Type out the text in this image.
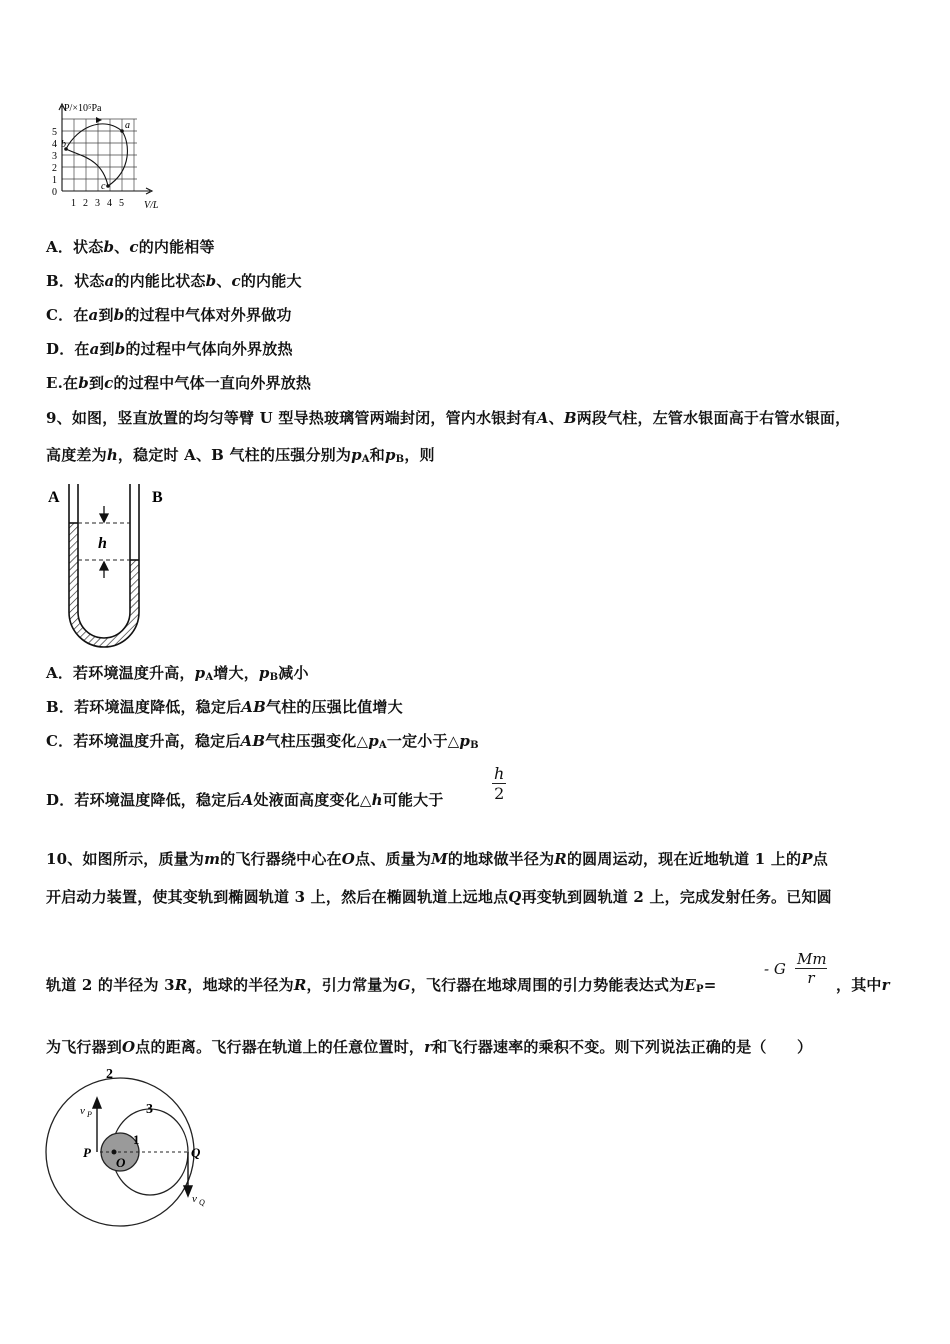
P/×10⁵Pa
V/L
0
1
2
3
4
5
1 2 3 4 5
a
b
c
A．状态b、c的内能相等
B．状态a的内能比状态b、c的内能大
C．在a到b的过程中气体对外界做功
D．在a到b的过程中气体向外界放热
E.在b到c的过程中气体一直向外界放热
9、如图，竖直放置的均匀等臂 U 型导热玻璃管两端封闭，管内水银封有A、B两段气柱，左管水银面高于右管水银面，
高度差为h，稳定时 A、B 气柱的压强分别为$p_A$和$p_B$，则
A	B
h
A．若环境温度升高，$p_A$增大，$p_B$减小
B．若环境温度降低，稳定后AB气柱的压强比值增大
C．若环境温度升高，稳定后AB气柱压强变化$\triangle p_A$一定小于$\triangle p_B$
D．若环境温度降低，稳定后A处液面高度变化△h可能大于	$\frac{h}{2}$
10、如图所示，质量为m的飞行器绕中心在O点、质量为M的地球做半径为R的圆周运动，现在近地轨道 1 上的P点
开启动力装置，使其变轨到椭圆轨道 3 上，然后在椭圆轨道上远地点Q再变轨到圆轨道 2 上，完成发射任务。已知圆
轨道 2 的半径为 3R，地球的半径为R，引力常量为G，飞行器在地球周围的引力势能表达式为$E_P=$
- G $\frac{Mm}{r}$ ，其中r
为飞行器到O点的距离。飞行器在轨道上的任意位置时，r和飞行器速率的乘积不变。则下列说法正确的是（　　）
2
3
1
P
O
Q
v P
v Q
